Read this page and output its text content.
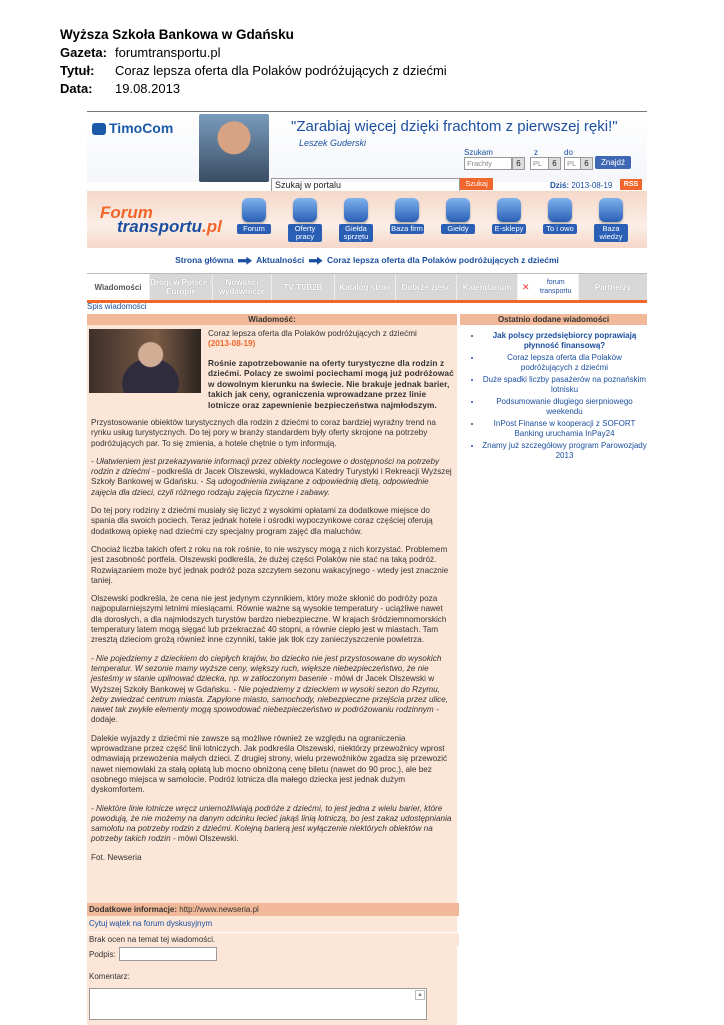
Wyższa Szkoła Bankowa w Gdańsku
Gazeta: forumtransportu.pl
Tytuł:	Coraz lepsza oferta dla Polaków podróżujących z dziećmi
Data:	19.08.2013
TimoCom	"Zarabiaj więcej dzięki frachtom z pierwszej ręki!"
Leszek Guderski
Szukam	z	do
Frachty	6	PL	6	PL	6	Znajdź
Szukaj w portalu	Szukaj	Dziś: 2013-08-19	RSS
Forum
transportu.pl	Forum	Oferty pracy
Giełda sprzętu
Baza firm	Giełdy	E-sklepy	To i owo	Baza wiedzy
Strona główna	Aktualności	Coraz lepsza oferta dla Polaków podróżujących z dziećmi
Wiadomości	Drogi w Polsce i Europie
Nowości wydawnicze	TV TVB2B	Katalog stron	Dobrze zjeść	Kalendarium	✕	forum transportu	Partnerzy
Spis wiadomości
Wiadomość:
Coraz lepsza oferta dla Polaków podróżujących z dziećmi
(2013-08-19)
Rośnie zapotrzebowanie na oferty turystyczne dla rodzin z dziećmi. Polacy ze swoimi pociechami mogą już podróżować w dowolnym kierunku na świecie. Nie brakuje jednak barier, takich jak ceny, ograniczenia wprowadzane przez linie lotnicze oraz zapewnienie bezpieczeństwa najmłodszym.

Przystosowanie obiektów turystycznych dla rodzin z dziećmi to coraz bardziej wyraźny trend na rynku usług turystycznych. Do tej pory w branży standardem były oferty skrojone na potrzeby podróżujących par. To się zmienia, a hotele chętnie o tym informują.

- Ułatwieniem jest przekazywanie informacji przez obiekty noclegowe o dostępności na potrzeby rodzin z dziećmi - podkreśla dr Jacek Olszewski, wykładowca Katedry Turystyki i Rekreacji Wyższej Szkoły Bankowej w Gdańsku. - Są udogodnienia związane z odpowiednią dietą, odpowiednie zajęcia dla dzieci, czyli różnego rodzaju zajęcia fizyczne i zabawy.

Do tej pory rodziny z dziećmi musiały się liczyć z wysokimi opłatami za dodatkowe miejsce do spania dla swoich pociech. Teraz jednak hotele i ośrodki wypoczynkowe coraz częściej oferują dodatkową opiekę nad dziećmi czy specjalny program zajęć dla maluchów.

Chociaż liczba takich ofert z roku na rok rośnie, to nie wszyscy mogą z nich korzystać. Problemem jest zasobność portfela. Olszewski podkreśla, że dużej części Polaków nie stać na taką podróż. Rozwiązaniem może być jednak podróż poza szczytem sezonu wakacyjnego - wtedy jest znacznie taniej.

Olszewski podkreśla, że cena nie jest jedynym czynnikiem, który może skłonić do podróży poza najpopularniejszymi letnimi miesiącami. Równie ważne są wysokie temperatury - uciążliwe nawet dla dorosłych, a dla najmłodszych turystów bardzo niebezpieczne. W krajach śródziemnomorskich temperatury latem mogą sięgać lub przekraczać 40 stopni, a równie ciepło jest w miastach. Tam zresztą dzieciom grożą również inne czynniki, takie jak tłok czy zanieczyszczenie powietrza.

- Nie pojedziemy z dzieckiem do ciepłych krajów, bo dziecko nie jest przystosowane do wysokich temperatur. W sezonie mamy wyższe ceny, większy ruch, większe niebezpieczeństwo, że nie jesteśmy w stanie upilnować dziecka, np. w zatłoczonym basenie - mówi dr Jacek Olszewski w Wyższej Szkoły Bankowej w Gdańsku. - Nie pojedziemy z dzieckiem w wysoki sezon do Rzymu, żeby zwiedzać centrum miasta. Zapylone miasto, samochody, niebezpieczne przejścia przez ulice, nawet tak zwykłe elementy mogą spowodować niebezpieczeństwo w podróżowaniu rodzinnym - dodaje.

Dalekie wyjazdy z dziećmi nie zawsze są możliwe również ze względu na ograniczenia wprowadzane przez część linii lotniczych. Jak podkreśla Olszewski, niektórzy przewoźnicy wprost odmawiają przewożenia małych dzieci. Z drugiej strony, wielu przewoźników zgadza się przewozić nawet niemowlaki za stałą opłatą lub mocno obniżoną cenę biletu (nawet do 90 proc.), ale bez osobnego miejsca w samolocie. Podróż lotnicza dla małego dziecka jest jednak dużym dyskomfortem.

- Niektóre linie lotnicze wręcz uniemożliwiają podróże z dziećmi, to jest jedna z wielu barier, które powodują, że nie możemy na danym odcinku lecieć jakąś linią lotniczą, bo jest zakaz udostępniania samolotu na potrzeby rodzin z dziećmi. Kolejną barierą jest wyłączenie niektórych obiektów na potrzeby takich rodzin - mówi Olszewski.

Fot. Newseria

Dodatkowe informacje: http://www.newseria.pl
Cytuj wątek na forum dyskusyjnym
Brak ocen na temat tej wiadomości.
Podpis:
Komentarz:
▲
Ostatnio dodane wiadomości
• Jak polscy przedsiębiorcy poprawiają płynność finansową?
• Coraz lepsza oferta dla Polaków podróżujących z dziećmi
• Duże spadki liczby pasażerów na poznańskim lotnisku
• Podsumowanie długiego sierpniowego weekendu
• InPost Finanse w kooperacji z SOFORT Banking uruchamia InPay24
• Znamy już szczegółowy program Parowozjady 2013
